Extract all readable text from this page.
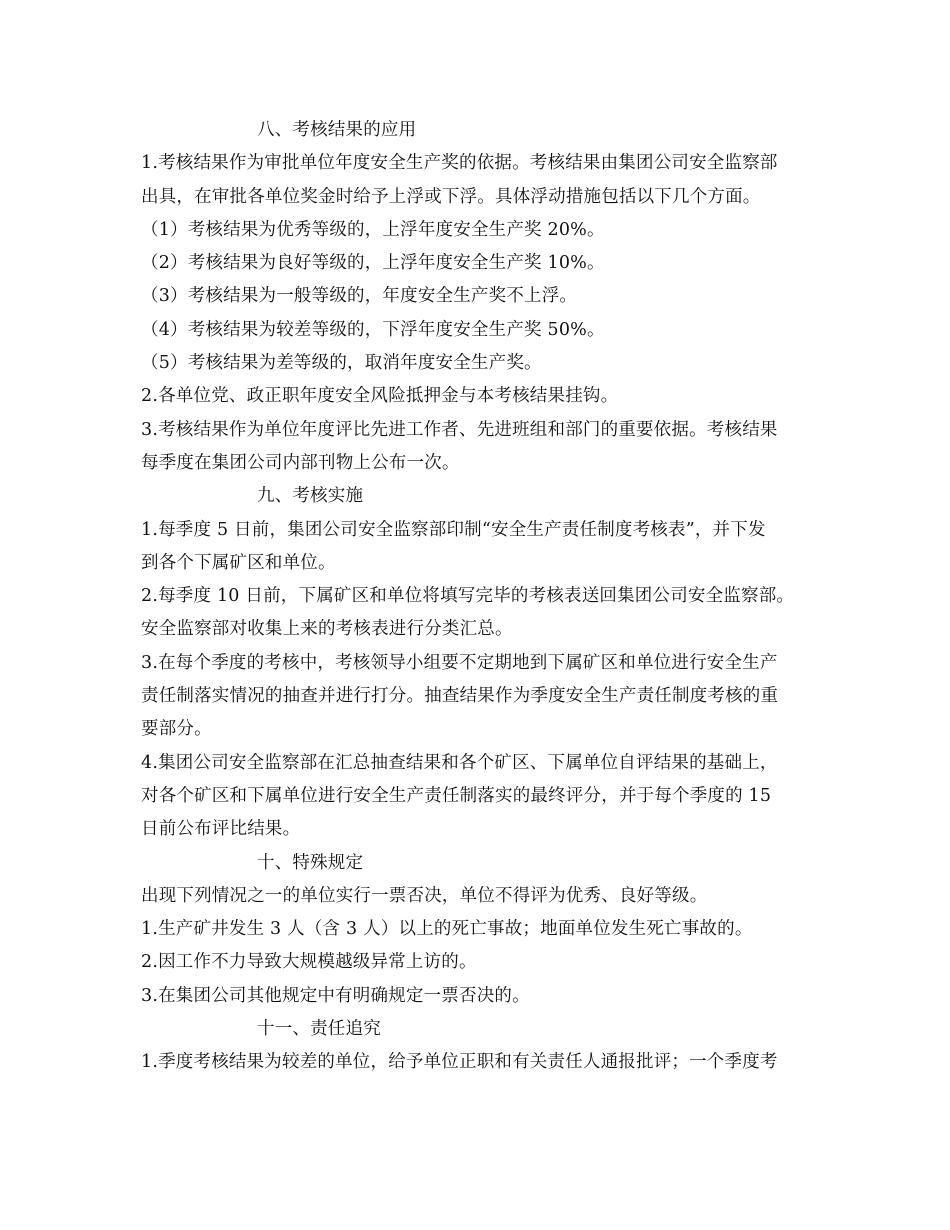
八、考核结果的应用
1.考核结果作为审批单位年度安全生产奖的依据。考核结果由集团公司安全监察部
出具，在审批各单位奖金时给予上浮或下浮。具体浮动措施包括以下几个方面。
（1）考核结果为优秀等级的，上浮年度安全生产奖 20%。
（2）考核结果为良好等级的，上浮年度安全生产奖 10%。
（3）考核结果为一般等级的，年度安全生产奖不上浮。
（4）考核结果为较差等级的，下浮年度安全生产奖 50%。
（5）考核结果为差等级的，取消年度安全生产奖。
2.各单位党、政正职年度安全风险抵押金与本考核结果挂钩。
3.考核结果作为单位年度评比先进工作者、先进班组和部门的重要依据。考核结果
每季度在集团公司内部刊物上公布一次。
九、考核实施
1.每季度 5 日前，集团公司安全监察部印制“安全生产责任制度考核表”，并下发
到各个下属矿区和单位。
2.每季度 10 日前，下属矿区和单位将填写完毕的考核表送回集团公司安全监察部。
安全监察部对收集上来的考核表进行分类汇总。
3.在每个季度的考核中，考核领导小组要不定期地到下属矿区和单位进行安全生产
责任制落实情况的抽查并进行打分。抽查结果作为季度安全生产责任制度考核的重
要部分。
4.集团公司安全监察部在汇总抽查结果和各个矿区、下属单位自评结果的基础上，
对各个矿区和下属单位进行安全生产责任制落实的最终评分，并于每个季度的 15
日前公布评比结果。
十、特殊规定
出现下列情况之一的单位实行一票否决，单位不得评为优秀、良好等级。
1.生产矿井发生 3 人（含 3 人）以上的死亡事故；地面单位发生死亡事故的。
2.因工作不力导致大规模越级异常上访的。
3.在集团公司其他规定中有明确规定一票否决的。
十一、责任追究
1.季度考核结果为较差的单位，给予单位正职和有关责任人通报批评；一个季度考
